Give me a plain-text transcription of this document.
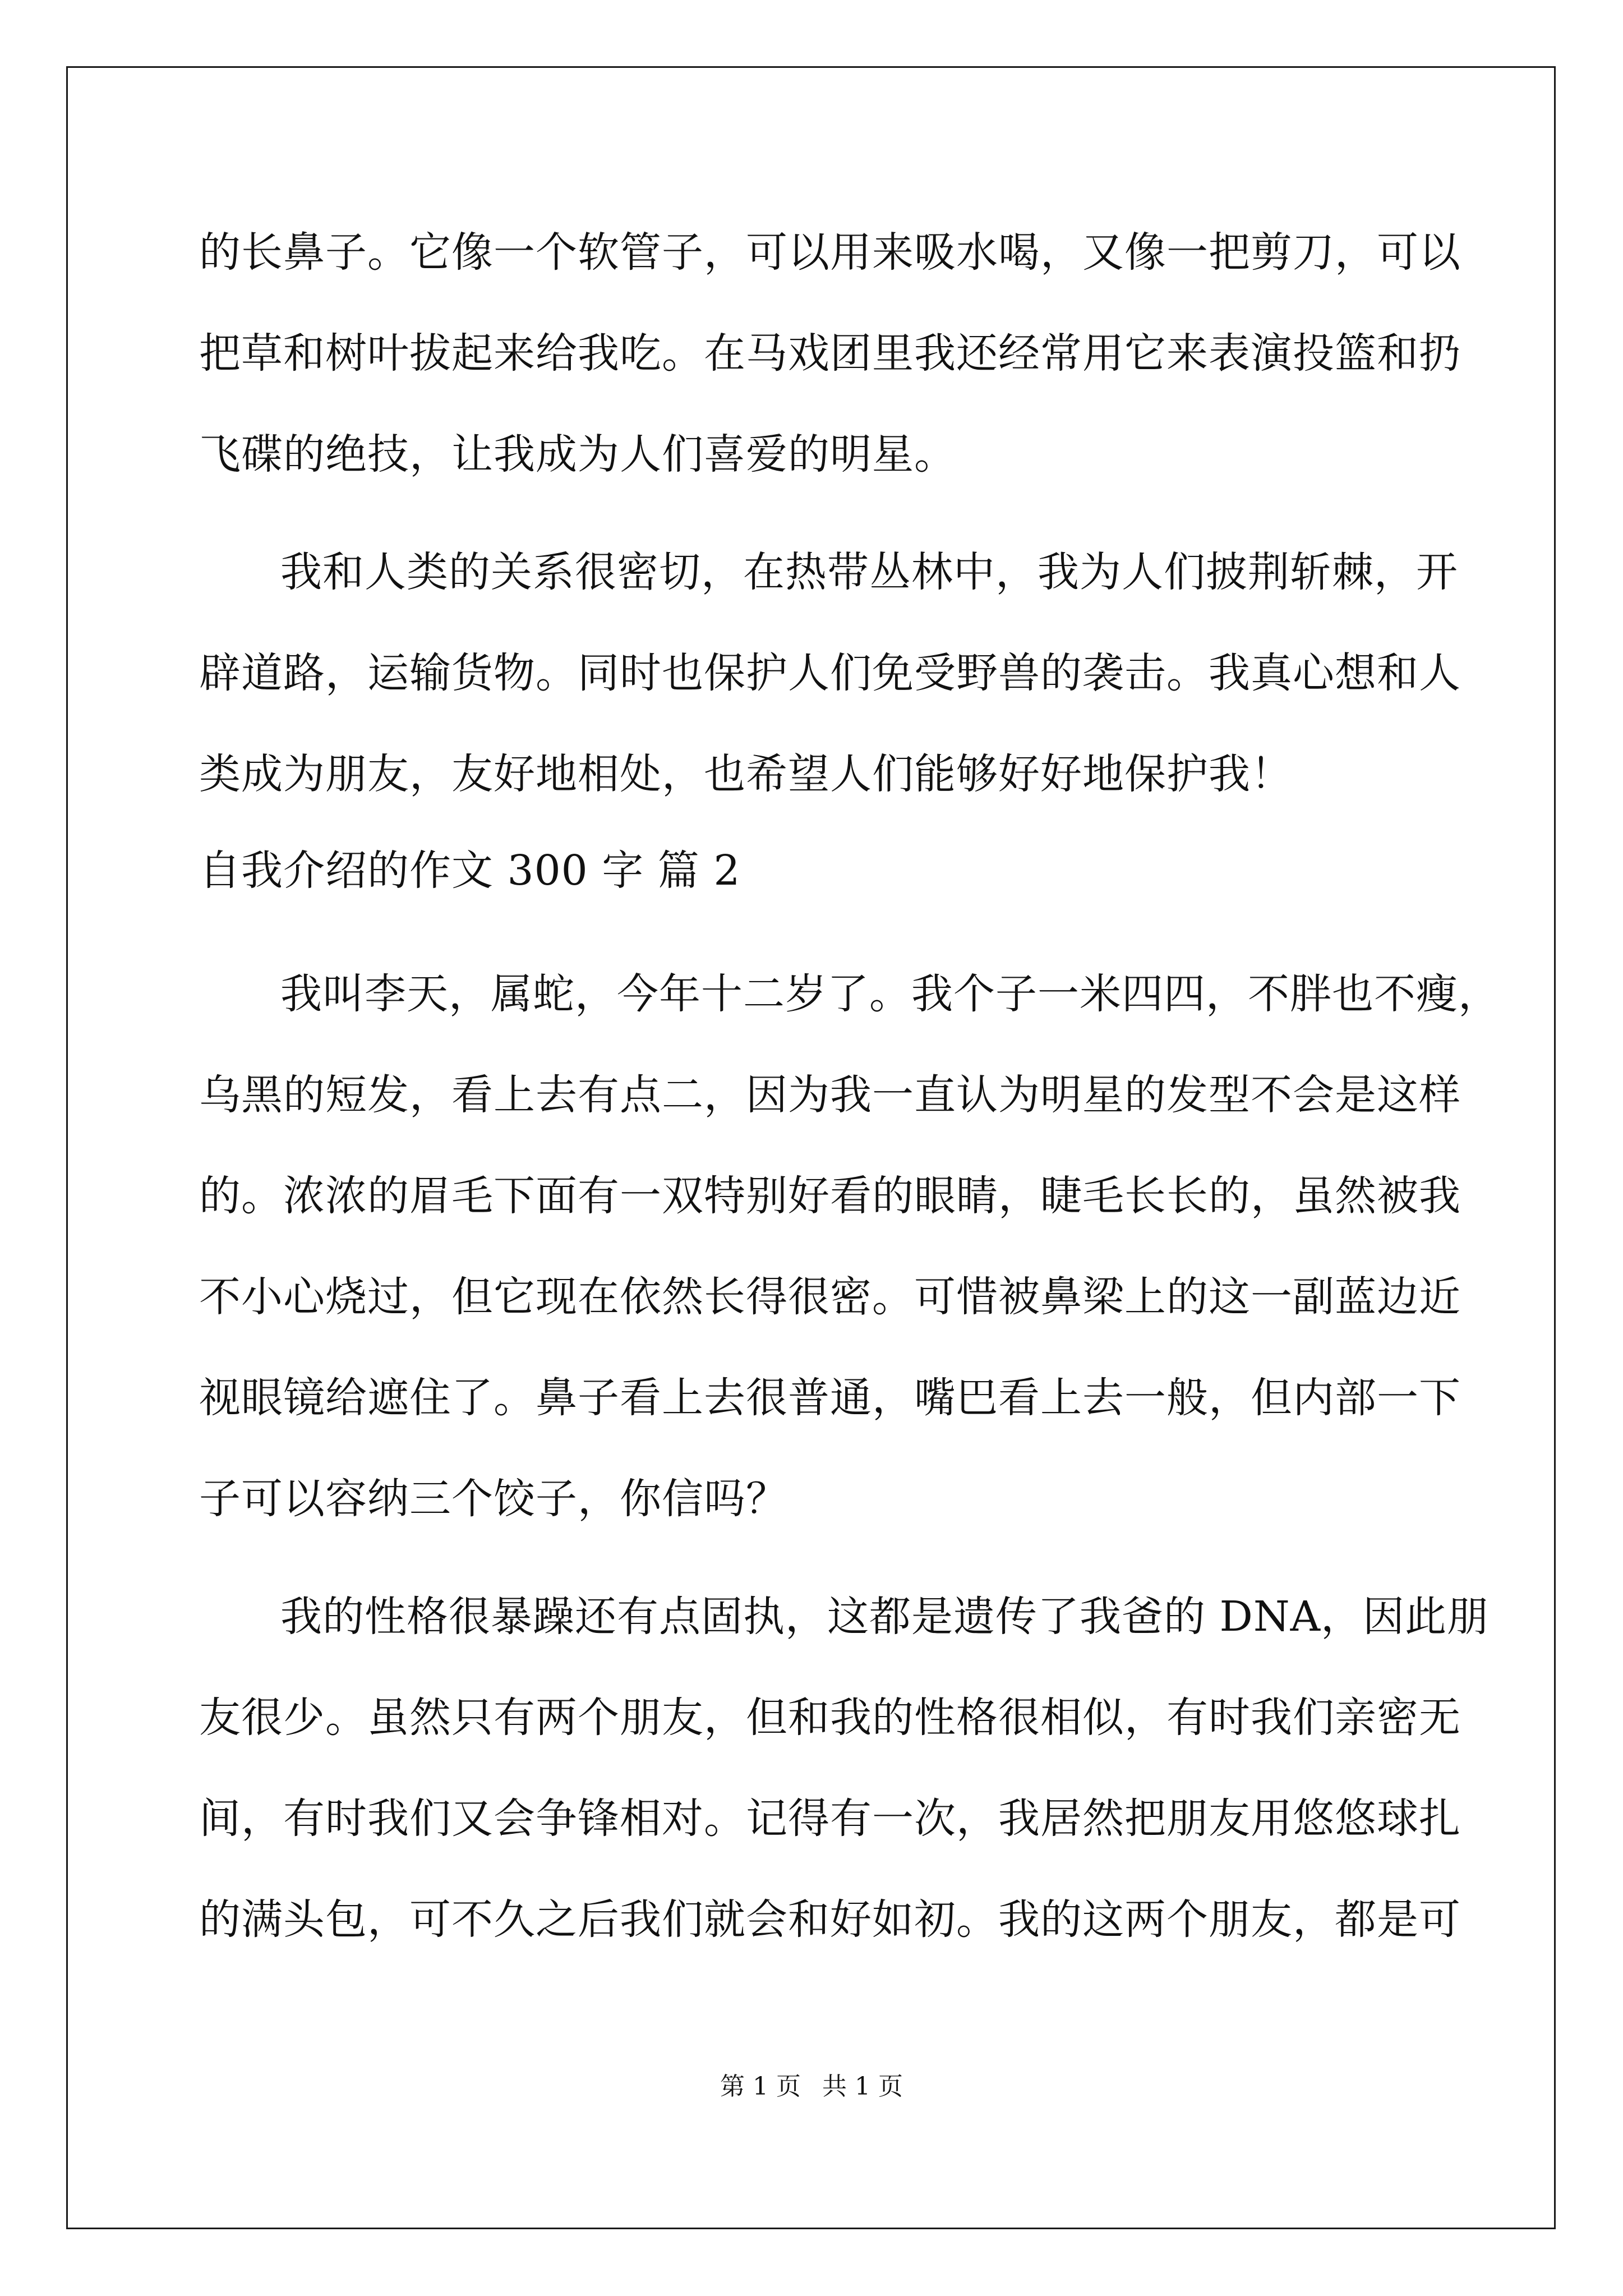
的长鼻子。它像一个软管子，可以用来吸水喝，又像一把剪刀，可以
把草和树叶拔起来给我吃。在马戏团里我还经常用它来表演投篮和扔
飞碟的绝技，让我成为人们喜爱的明星。
我和人类的关系很密切，在热带丛林中，我为人们披荆斩棘，开
辟道路，运输货物。同时也保护人们免受野兽的袭击。我真心想和人
类成为朋友，友好地相处，也希望人们能够好好地保护我！
自我介绍的作文 300 字 篇 2
我叫李天，属蛇，今年十二岁了。我个子一米四四，不胖也不瘦，
乌黑的短发，看上去有点二，因为我一直认为明星的发型不会是这样
的。浓浓的眉毛下面有一双特别好看的眼睛，睫毛长长的，虽然被我
不小心烧过，但它现在依然长得很密。可惜被鼻梁上的这一副蓝边近
视眼镜给遮住了。鼻子看上去很普通，嘴巴看上去一般，但内部一下
子可以容纳三个饺子，你信吗？
我的性格很暴躁还有点固执，这都是遗传了我爸的 DNA，因此朋
友很少。虽然只有两个朋友，但和我的性格很相似，有时我们亲密无
间，有时我们又会争锋相对。记得有一次，我居然把朋友用悠悠球扎
的满头包，可不久之后我们就会和好如初。我的这两个朋友，都是可
第 1 页 共 1 页
